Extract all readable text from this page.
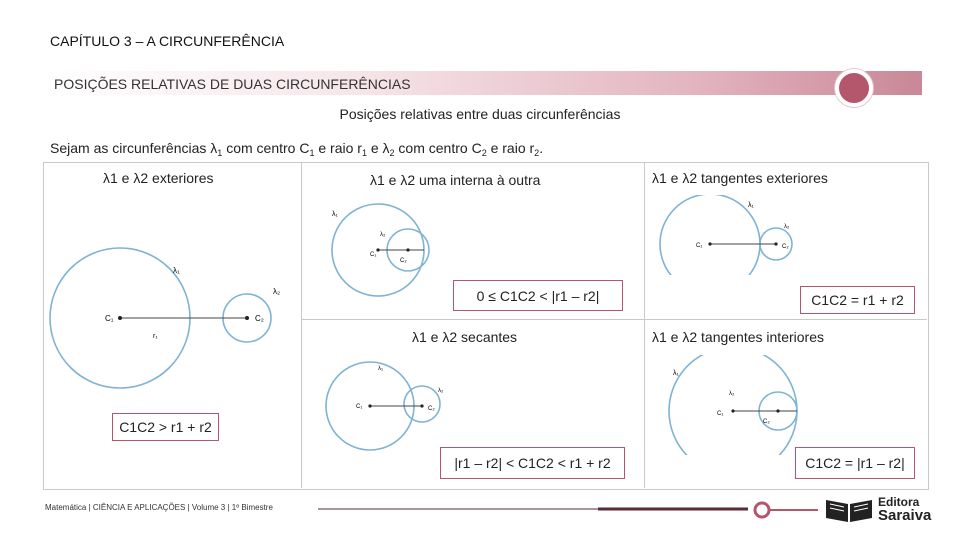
CAPÍTULO 3 – A CIRCUNFERÊNCIA
POSIÇÕES RELATIVAS DE DUAS CIRCUNFERÊNCIAS
Posições relativas entre duas circunferências
Sejam as circunferências $\lambda_1$ com centro $C_1$ e raio $r_1$ e $\lambda_2$ com centro $C_2$ e raio $r_2$.
λ1 e λ2 exteriores
C₁	C₂
λ₁
λ₂
r₁
C1C2 > r1 + r2
λ1 e λ2 uma interna à outra
λ₁
λ₂
C₁
C₂
0 ≤ C1C2 < |r1 – r2|
λ1 e λ2 tangentes exteriores
λ₁
λ₂
C₁	C₂
C1C2 = r1 + r2
λ1 e λ2 secantes
λ₁
λ₂
C₁	C₂
|r1 – r2| < C1C2 < r1 + r2
λ1 e λ2 tangentes interiores
λ₁
λ₂
C₁
C₂
C1C2 = |r1 – r2|
Matemática | CIÊNCIA E APLICAÇÕES | Volume 3 | 1º Bimestre	Editora
Saraiva
